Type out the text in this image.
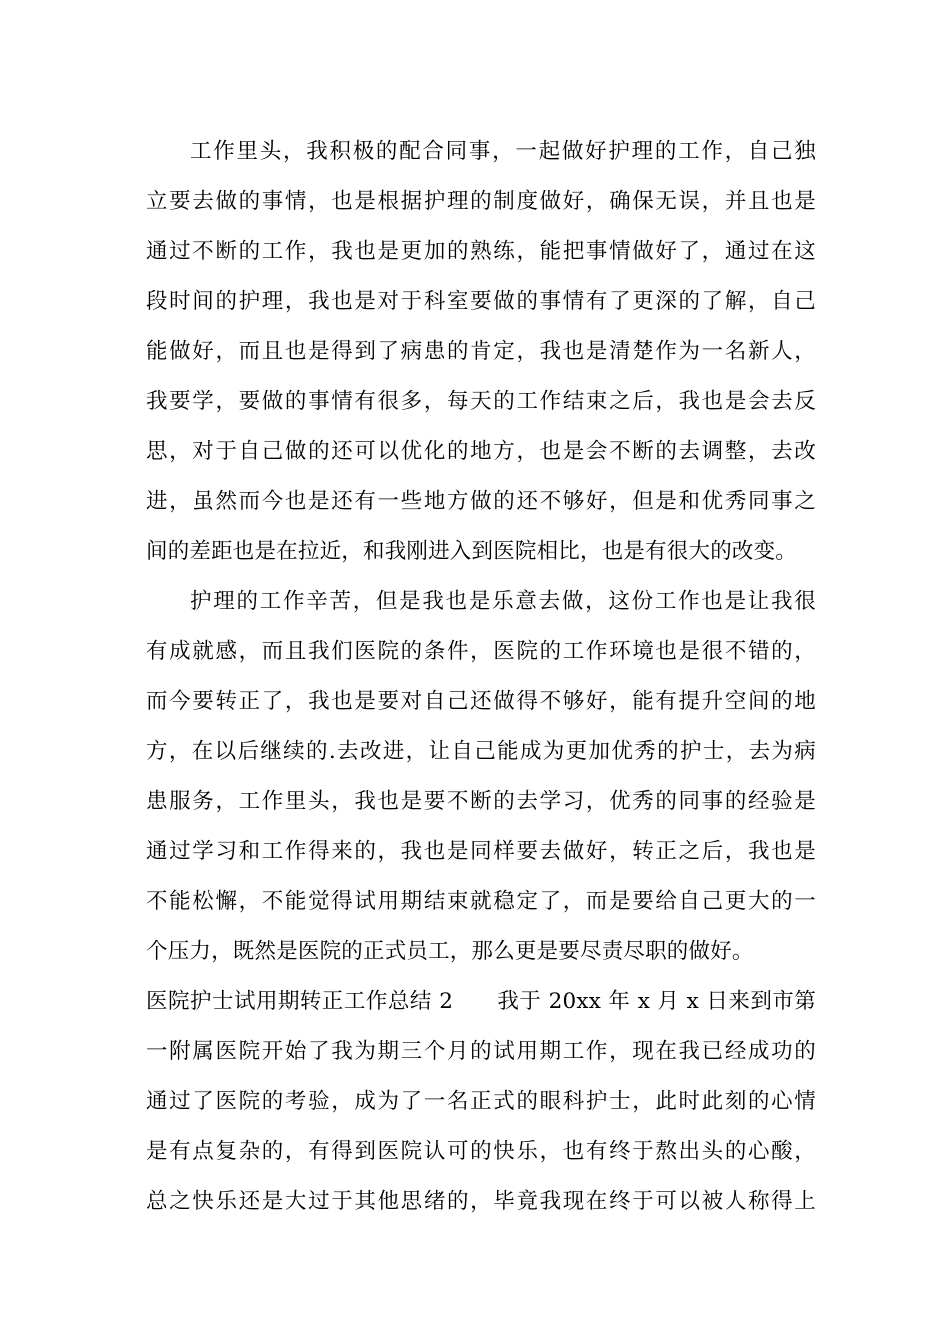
工作里头，我积极的配合同事，一起做好护理的工作，自己独
立要去做的事情，也是根据护理的制度做好，确保无误，并且也是
通过不断的工作，我也是更加的熟练，能把事情做好了，通过在这
段时间的护理，我也是对于科室要做的事情有了更深的了解，自己
能做好，而且也是得到了病患的肯定，我也是清楚作为一名新人，
我要学，要做的事情有很多，每天的工作结束之后，我也是会去反
思，对于自己做的还可以优化的地方，也是会不断的去调整，去改
进，虽然而今也是还有一些地方做的还不够好，但是和优秀同事之
间的差距也是在拉近，和我刚进入到医院相比，也是有很大的改变。
护理的工作辛苦，但是我也是乐意去做，这份工作也是让我很
有成就感，而且我们医院的条件，医院的工作环境也是很不错的，
而今要转正了，我也是要对自己还做得不够好，能有提升空间的地
方，在以后继续的.去改进，让自己能成为更加优秀的护士，去为病
患服务，工作里头，我也是要不断的去学习，优秀的同事的经验是
通过学习和工作得来的，我也是同样要去做好，转正之后，我也是
不能松懈，不能觉得试用期结束就稳定了，而是要给自己更大的一
个压力，既然是医院的正式员工，那么更是要尽责尽职的做好。
医院护士试用期转正工作总结 2　　我于 20xx 年 x 月 x 日来到市第
一附属医院开始了我为期三个月的试用期工作，现在我已经成功的
通过了医院的考验，成为了一名正式的眼科护士，此时此刻的心情
是有点复杂的，有得到医院认可的快乐，也有终于熬出头的心酸，
总之快乐还是大过于其他思绪的，毕竟我现在终于可以被人称得上
